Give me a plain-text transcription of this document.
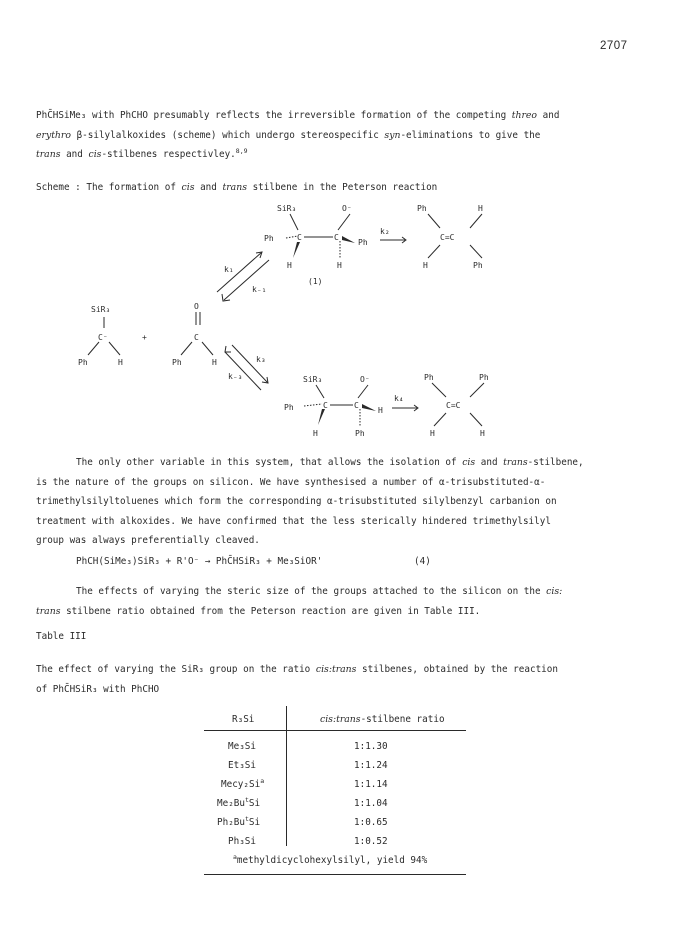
2707
PhC̄HSiMe₃ with PhCHO presumably reflects the irreversible formation of the competing threo and
erythro β-silylalkoxides (scheme) which undergo stereospecific syn-eliminations to give the
trans and cis-stilbenes respectivley.$^{8,9}$
Scheme : The formation of cis and trans stilbene in the Peterson reaction
SiR₃	O⁻
Ph	C	C
Ph
H	H
k₂
(1)
Ph	H
C=C
H	Ph
k₁
k₋₁
SiR₃
C⁻	+
Ph	H
O
C
Ph	H	k₃
k₋₃	SiR₃	O⁻
Ph	C	C
H
H	Ph
k₄
Ph	Ph
C=C
H	H
The only other variable in this system, that allows the isolation of cis and trans-stilbene,
is the nature of the groups on silicon. We have synthesised a number of α-trisubstituted-α-
trimethylsilyltoluenes which form the corresponding α-trisubstituted silylbenzyl carbanion on
treatment with alkoxides. We have confirmed that the less sterically hindered trimethylsilyl
group was always preferentially cleaved.
PhCH(SiMe₃)SiR₃ + R'O⁻ → PhC̄HSiR₃ + Me₃SiOR'	(4)
The effects of varying the steric size of the groups attached to the silicon on the cis:
trans stilbene ratio obtained from the Peterson reaction are given in Table III.
Table III
The effect of varying the SiR₃ group on the ratio cis:trans stilbenes, obtained by the reaction
of PhC̄HSiR₃ with PhCHO
R₃Si	cis:trans-stilbene ratio
Me₃Si	1:1.30
Et₃Si	1:1.24
Mecy₂Si$^a$	1:1.14
Me₂Bu$^t$Si	1:1.04
Ph₂Bu$^t$Si	1:0.65
Ph₃Si	1:0.52
$^a$methyldicyclohexylsilyl, yield 94%
